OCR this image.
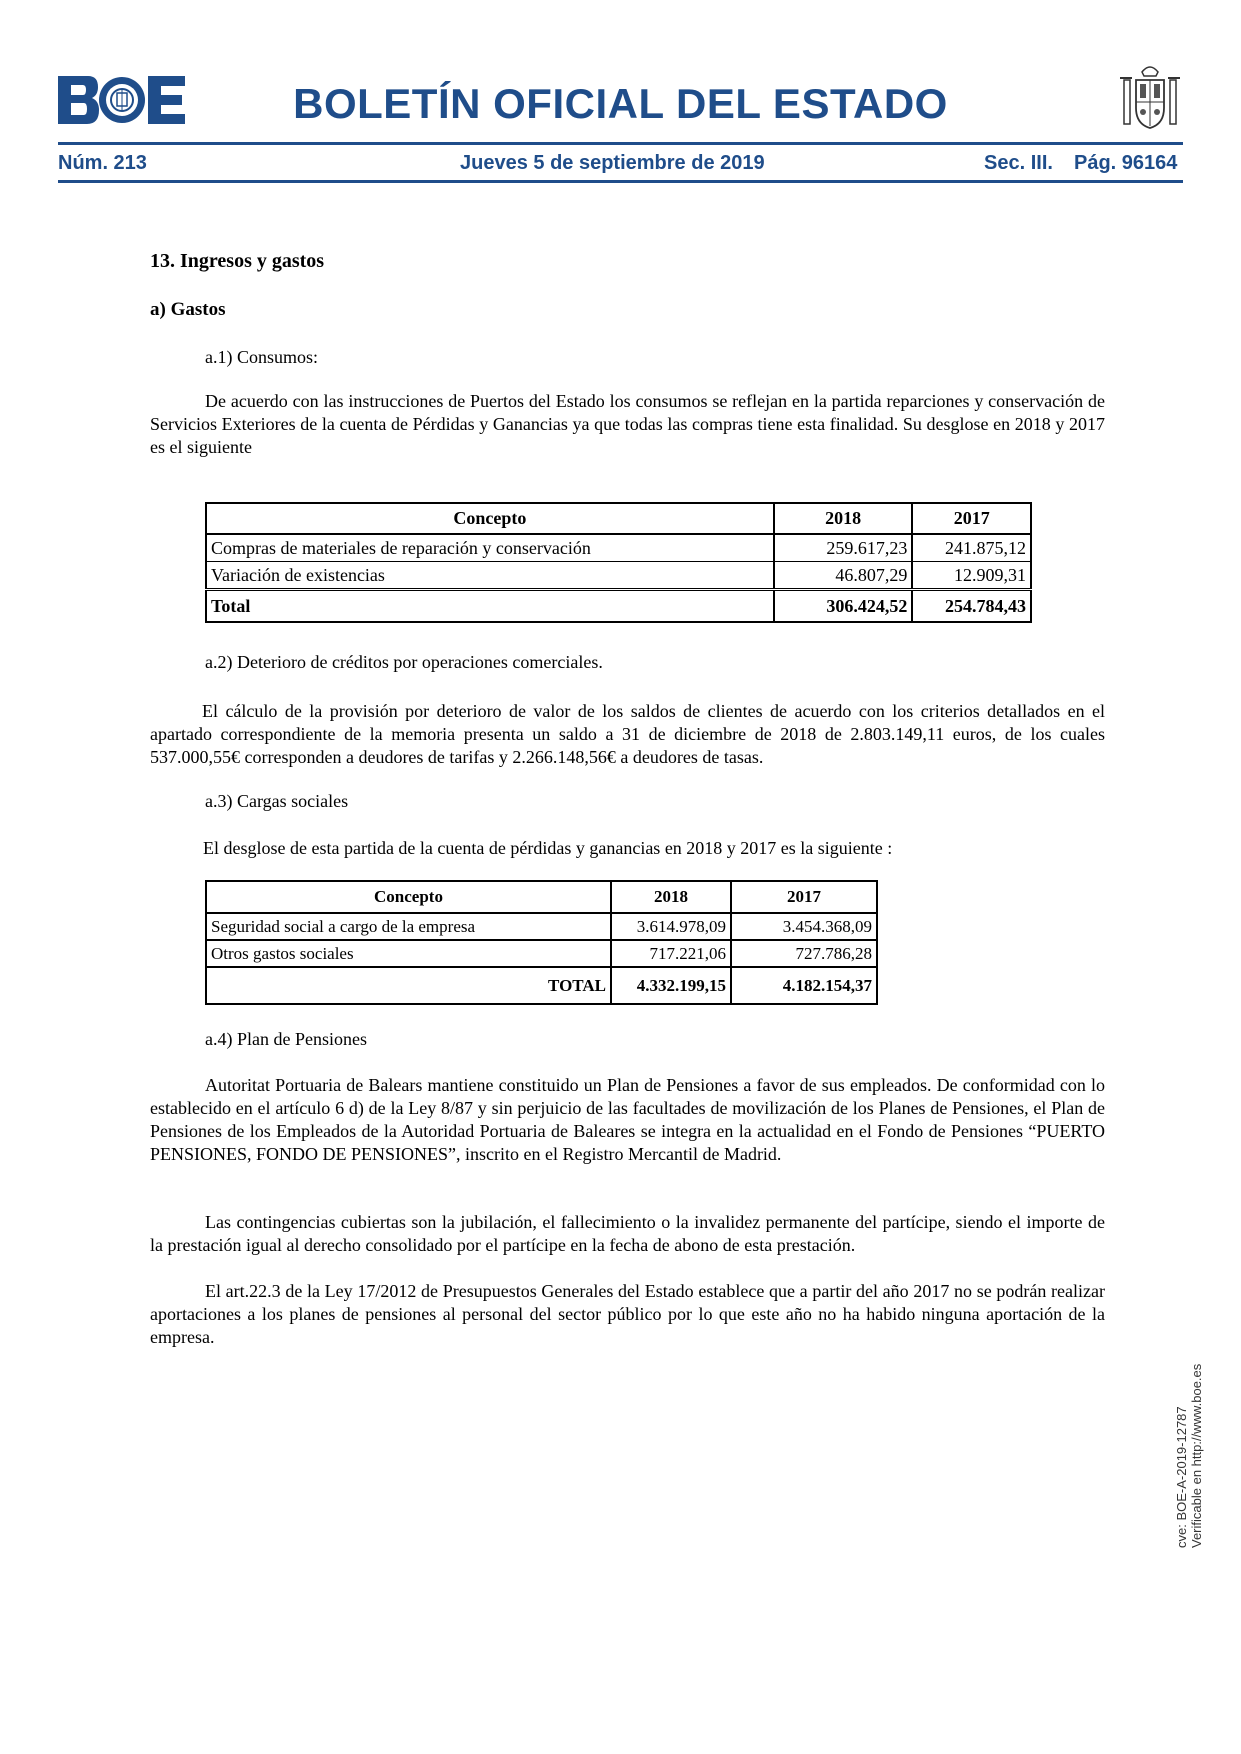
BOLETÍN OFICIAL DEL ESTADO
Núm. 213	Jueves 5 de septiembre de 2019	Sec. III. Pág. 96164
13. Ingresos y gastos
a) Gastos
a.1) Consumos:
De acuerdo con las instrucciones de Puertos del Estado los consumos se reflejan en la partida reparciones y conservación de Servicios Exteriores de la cuenta de Pérdidas y Ganancias ya que todas las compras tiene esta finalidad. Su desglose en 2018 y 2017 es el siguiente
Concepto	2018	2017
Compras de materiales de reparación y conservación	259.617,23	241.875,12
Variación de existencias	46.807,29	12.909,31
Total	306.424,52	254.784,43
a.2) Deterioro de créditos por operaciones comerciales.
El cálculo de la provisión por deterioro de valor de los saldos de clientes de acuerdo con los criterios detallados en el apartado correspondiente de la memoria presenta un saldo a 31 de diciembre de 2018 de 2.803.149,11 euros, de los cuales 537.000,55€ corresponden a deudores de tarifas y 2.266.148,56€ a deudores de tasas.
a.3) Cargas sociales
El desglose de esta partida de la cuenta de pérdidas y ganancias en 2018 y 2017 es la siguiente :
Concepto	2018	2017
Seguridad social a cargo de la empresa	3.614.978,09	3.454.368,09
Otros gastos sociales	717.221,06	727.786,28
TOTAL	4.332.199,15	4.182.154,37
a.4) Plan de Pensiones
Autoritat Portuaria de Balears mantiene constituido un Plan de Pensiones a favor de sus empleados. De conformidad con lo establecido en el artículo 6 d) de la Ley 8/87 y sin perjuicio de las facultades de movilización de los Planes de Pensiones, el Plan de Pensiones de los Empleados de la Autoridad Portuaria de Baleares se integra en la actualidad en el Fondo de Pensiones “PUERTO PENSIONES, FONDO DE PENSIONES”, inscrito en el Registro Mercantil de Madrid.
Las contingencias cubiertas son la jubilación, el fallecimiento o la invalidez permanente del partícipe, siendo el importe de la prestación igual al derecho consolidado por el partícipe en la fecha de abono de esta prestación.
El art.22.3 de la Ley 17/2012 de Presupuestos Generales del Estado establece que a partir del año 2017 no se podrán realizar aportaciones a los planes de pensiones al personal del sector público por lo que este año no ha habido ninguna aportación de la empresa.
cve: BOE-A-2019-12787 Verificable en http://www.boe.es
